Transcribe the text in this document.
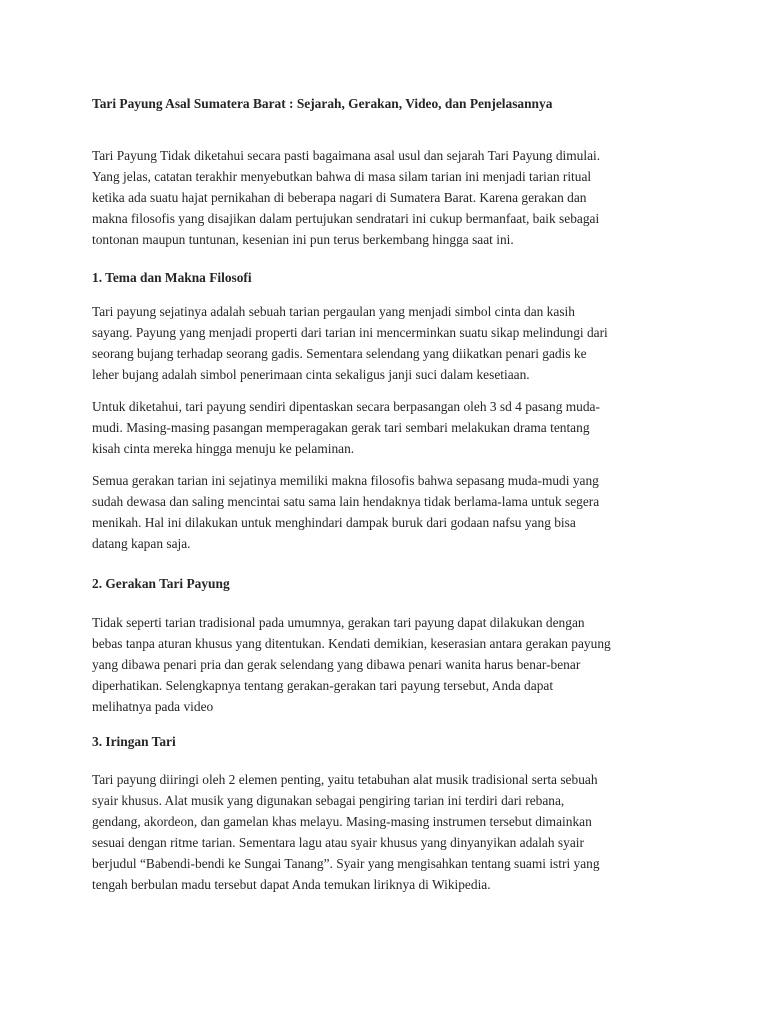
Tari Payung Asal Sumatera Barat : Sejarah, Gerakan, Video, dan Penjelasannya

Tari Payung Tidak diketahui secara pasti bagaimana asal usul dan sejarah Tari Payung dimulai.
Yang jelas, catatan terakhir menyebutkan bahwa di masa silam tarian ini menjadi tarian ritual
ketika ada suatu hajat pernikahan di beberapa nagari di Sumatera Barat. Karena gerakan dan
makna filosofis yang disajikan dalam pertujukan sendratari ini cukup bermanfaat, baik sebagai
tontonan maupun tuntunan, kesenian ini pun terus berkembang hingga saat ini.

1. Tema dan Makna Filosofi

Tari payung sejatinya adalah sebuah tarian pergaulan yang menjadi simbol cinta dan kasih
sayang. Payung yang menjadi properti dari tarian ini mencerminkan suatu sikap melindungi dari
seorang bujang terhadap seorang gadis. Sementara selendang yang diikatkan penari gadis ke
leher bujang adalah simbol penerimaan cinta sekaligus janji suci dalam kesetiaan.

Untuk diketahui, tari payung sendiri dipentaskan secara berpasangan oleh 3 sd 4 pasang muda-
mudi. Masing-masing pasangan memperagakan gerak tari sembari melakukan drama tentang
kisah cinta mereka hingga menuju ke pelaminan.

Semua gerakan tarian ini sejatinya memiliki makna filosofis bahwa sepasang muda-mudi yang
sudah dewasa dan saling mencintai satu sama lain hendaknya tidak berlama-lama untuk segera
menikah. Hal ini dilakukan untuk menghindari dampak buruk dari godaan nafsu yang bisa
datang kapan saja.

2. Gerakan Tari Payung

Tidak seperti tarian tradisional pada umumnya, gerakan tari payung dapat dilakukan dengan
bebas tanpa aturan khusus yang ditentukan. Kendati demikian, keserasian antara gerakan payung
yang dibawa penari pria dan gerak selendang yang dibawa penari wanita harus benar-benar
diperhatikan. Selengkapnya tentang gerakan-gerakan tari payung tersebut, Anda dapat
melihatnya pada video

3. Iringan Tari

Tari payung diiringi oleh 2 elemen penting, yaitu tetabuhan alat musik tradisional serta sebuah
syair khusus. Alat musik yang digunakan sebagai pengiring tarian ini terdiri dari rebana,
gendang, akordeon, dan gamelan khas melayu. Masing-masing instrumen tersebut dimainkan
sesuai dengan ritme tarian. Sementara lagu atau syair khusus yang dinyanyikan adalah syair
berjudul “Babendi-bendi ke Sungai Tanang”. Syair yang mengisahkan tentang suami istri yang
tengah berbulan madu tersebut dapat Anda temukan liriknya di Wikipedia.
